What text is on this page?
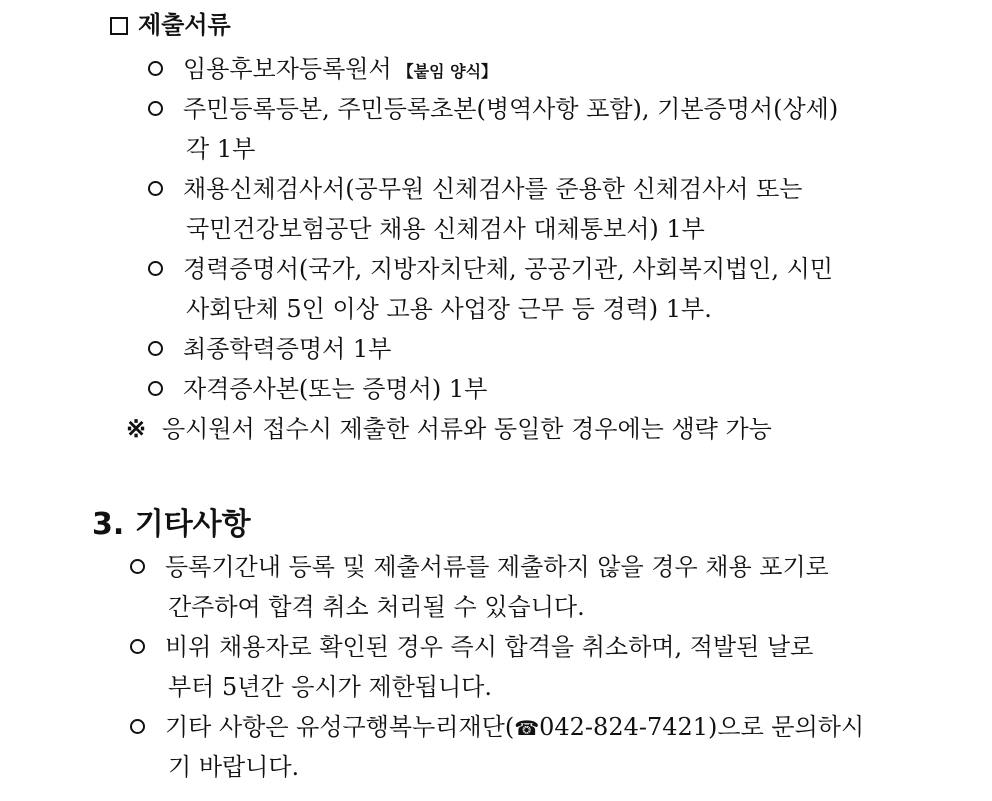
제출서류
임용후보자등록원서 【붙임 양식】
주민등록등본, 주민등록초본(병역사항 포함), 기본증명서(상세)
각 1부
채용신체검사서(공무원 신체검사를 준용한 신체검사서 또는
국민건강보험공단 채용 신체검사 대체통보서) 1부
경력증명서(국가, 지방자치단체, 공공기관, 사회복지법인, 시민
사회단체 5인 이상 고용 사업장 근무 등 경력) 1부.
최종학력증명서 1부
자격증사본(또는 증명서) 1부
※ 응시원서 접수시 제출한 서류와 동일한 경우에는 생략 가능
3. 기타사항
등록기간내 등록 및 제출서류를 제출하지 않을 경우 채용 포기로
간주하여 합격 취소 처리될 수 있습니다.
비위 채용자로 확인된 경우 즉시 합격을 취소하며, 적발된 날로
부터 5년간 응시가 제한됩니다.
기타 사항은 유성구행복누리재단(☎042-824-7421)으로 문의하시
기 바랍니다.
